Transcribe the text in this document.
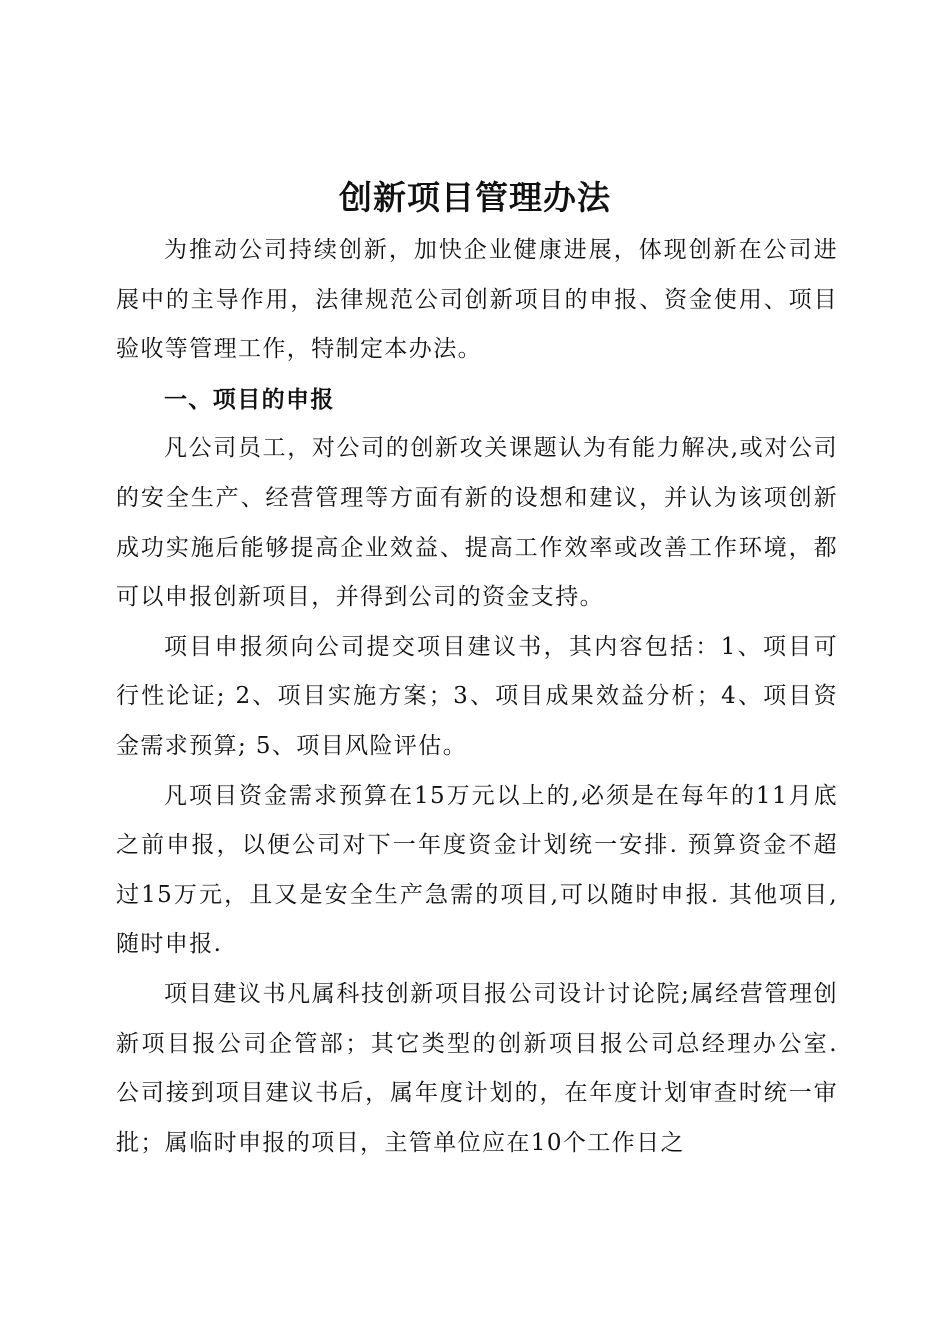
创新项目管理办法

为推动公司持续创新，加快企业健康进展，体现创新在公司进展中的主导作用，法律规范公司创新项目的申报、资金使用、项目验收等管理工作，特制定本办法。

一、项目的申报

凡公司员工，对公司的创新攻关课题认为有能力解决,或对公司的安全生产、经营管理等方面有新的设想和建议，并认为该项创新成功实施后能够提高企业效益、提高工作效率或改善工作环境，都可以申报创新项目，并得到公司的资金支持。

项目申报须向公司提交项目建议书，其内容包括：1、项目可行性论证; 2、项目实施方案；3、项目成果效益分析；4、项目资金需求预算; 5、项目风险评估。

凡项目资金需求预算在15万元以上的,必须是在每年的11月底之前申报，以便公司对下一年度资金计划统一安排. 预算资金不超过15万元，且又是安全生产急需的项目,可以随时申报. 其他项目,随时申报.

项目建议书凡属科技创新项目报公司设计讨论院;属经营管理创新项目报公司企管部；其它类型的创新项目报公司总经理办公室. 公司接到项目建议书后，属年度计划的，在年度计划审查时统一审批；属临时申报的项目，主管单位应在10个工作日之
